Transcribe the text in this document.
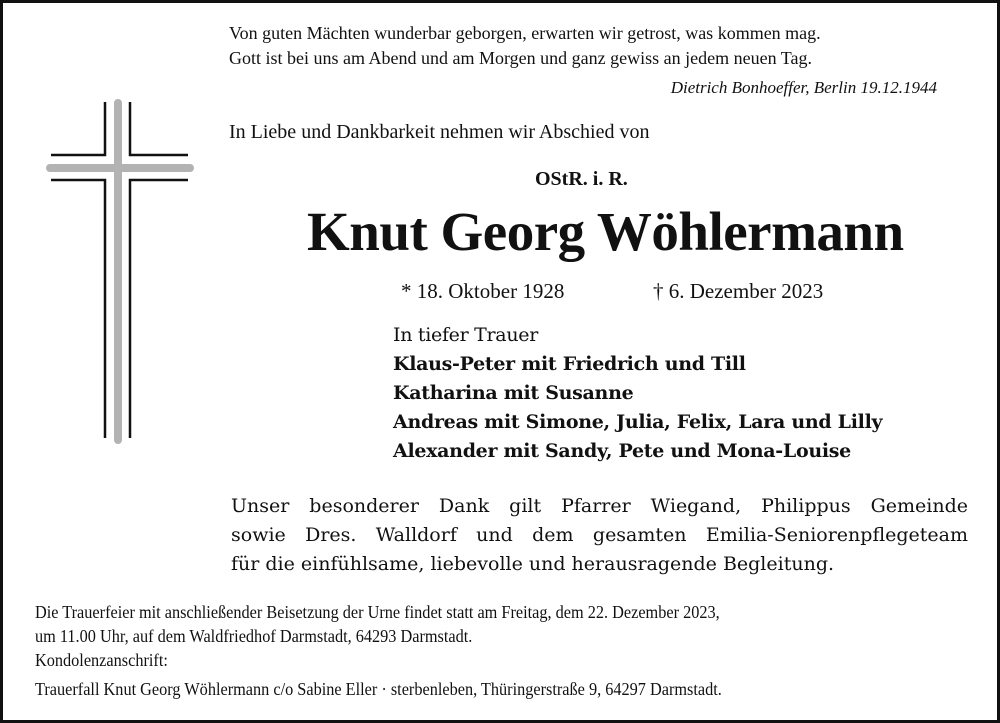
Von guten Mächten wunderbar geborgen, erwarten wir getrost, was kommen mag.
Gott ist bei uns am Abend und am Morgen und ganz gewiss an jedem neuen Tag.
Dietrich Bonhoeffer, Berlin 19.12.1944
In Liebe und Dankbarkeit nehmen wir Abschied von
OStR. i. R.
Knut Georg Wöhlermann
* 18. Oktober 1928	† 6. Dezember 2023
In tiefer Trauer
Klaus-Peter mit Friedrich und Till
Katharina mit Susanne
Andreas mit Simone, Julia, Felix, Lara und Lilly
Alexander mit Sandy, Pete und Mona-Louise
Unser besonderer Dank gilt Pfarrer Wiegand, Philippus Gemeinde
sowie Dres. Walldorf und dem gesamten Emilia-Seniorenpflegeteam
für die einfühlsame, liebevolle und herausragende Begleitung.
Die Trauerfeier mit anschließender Beisetzung der Urne findet statt am Freitag, dem 22. Dezember 2023,
um 11.00 Uhr, auf dem Waldfriedhof Darmstadt, 64293 Darmstadt.
Kondolenzanschrift:
Trauerfall Knut Georg Wöhlermann c/o Sabine Eller · sterbenleben, Thüringerstraße 9, 64297 Darmstadt.
